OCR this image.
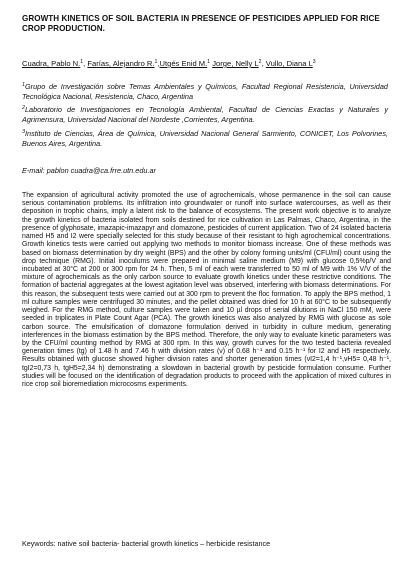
GROWTH KINETICS OF SOIL BACTERIA IN PRESENCE OF PESTICIDES APPLIED FOR RICE CROP PRODUCTION.
Cuadra, Pablo N.$^1$, Farías, Alejandro R.$^1$,Utgés Enid M.$^1$ Jorge, Nelly $L^2$, Vullo, Diana $L^3$
$^1$Grupo de Investigación sobre Temas Ambientales y Químicos, Facultad Regional Resistencia, Universidad Tecnológica Nacional, Resistencia, Chaco, Argentina
$^2$Laboratorio de Investigaciones en Tecnología Ambiental, Facultad de Ciencias Exactas y Naturales y Agrimensura, Universidad Nacional del Nordeste ,Corrientes, Argentina.
$^3$Instituto de Ciencias, Área de Química, Universidad Nacional General Sarmiento, CONICET, Los Polvorines, Buenos Aires, Argentina.
E-mail: pablon cuadra@ca.frre.utn.edu.ar
The expansion of agricultural activity promoted the use of agrochemicals, whose permanence in the soil can cause serious contamination problems. Its infiltration into groundwater or runoff into surface watercourses, as well as their deposition in trophic chains, imply a latent risk to the balance of ecosystems. The present work objective is to analyze the growth kinetics of bacteria isolated from soils destined for rice cultivation in Las Palmas, Chaco, Argentina, in the presence of glyphosate, imazapic-imazapyr and clomazone, pesticides of current application. Two of 24 isolated bacteria named H5 and I2 were specially selected for this study because of their resistant to high agrochemical concentrations. Growth kinetics tests were carried out applying two methods to monitor biomass increase. One of these methods was based on biomass determination by dry weight (BPS) and the other by colony forming units/ml (CFU/ml) count using the drop technique (RMG). Initial inoculums were prepared in minimal saline medium (M9) with glucose 0,5%p/V and incubated at 30°C at 200 or 300 rpm for 24 h. Then, 5 ml of each were transferred to 50 ml of M9 with 1% V/V of the mixture of agrochemicals as the only carbon source to evaluate growth kinetics under these restrictive conditions. The formation of bacterial aggregates at the lowest agitation level was observed, interfering with biomass determinations. For this reason, the subsequent tests were carried out at 300 rpm to prevent the floc formation. To apply the BPS method, 1 ml culture samples were centrifuged 30 minutes, and the pellet obtained was dried for 10 h at 60°C to be subsequently weighed. For the RMG method, culture samples were taken and 10 µl drops of serial dilutions in NaCl 150 mM, were seeded in triplicates in Plate Count Agar (PCA). The growth kinetics was also analyzed by RMG with glucose as sole carbon source. The emulsification of clomazone formulation derived in turbidity in culture medium, generating interferences in the biomass estimation by the BPS method. Therefore, the only way to evaluate kinetic parameters was by the CFU/ml counting method by RMG at 300 rpm. In this way, growth curves for the two tested bacteria revealed generation times (tg) of 1.48 h and 7.46 h with division rates (ν) of 0.68 h⁻¹ and 0.15 h⁻¹ for I2 and H5 respectively. Results obtained with glucose showed higher division rates and shorter generation times (νI2=1,4 h⁻¹,νH5= 0,48 h⁻¹, tgI2=0,73 h, tgH5=2,34 h) demonstrating a slowdown in bacterial growth by pesticide formulation consume. Further studies will be focused on the identification of degradation products to proceed with the application of mixed cultures in rice crop soil bioremediation microcosms experiments.
Keywords: native soil bacteria- bacterial growth kinetics – herbicide resistance
